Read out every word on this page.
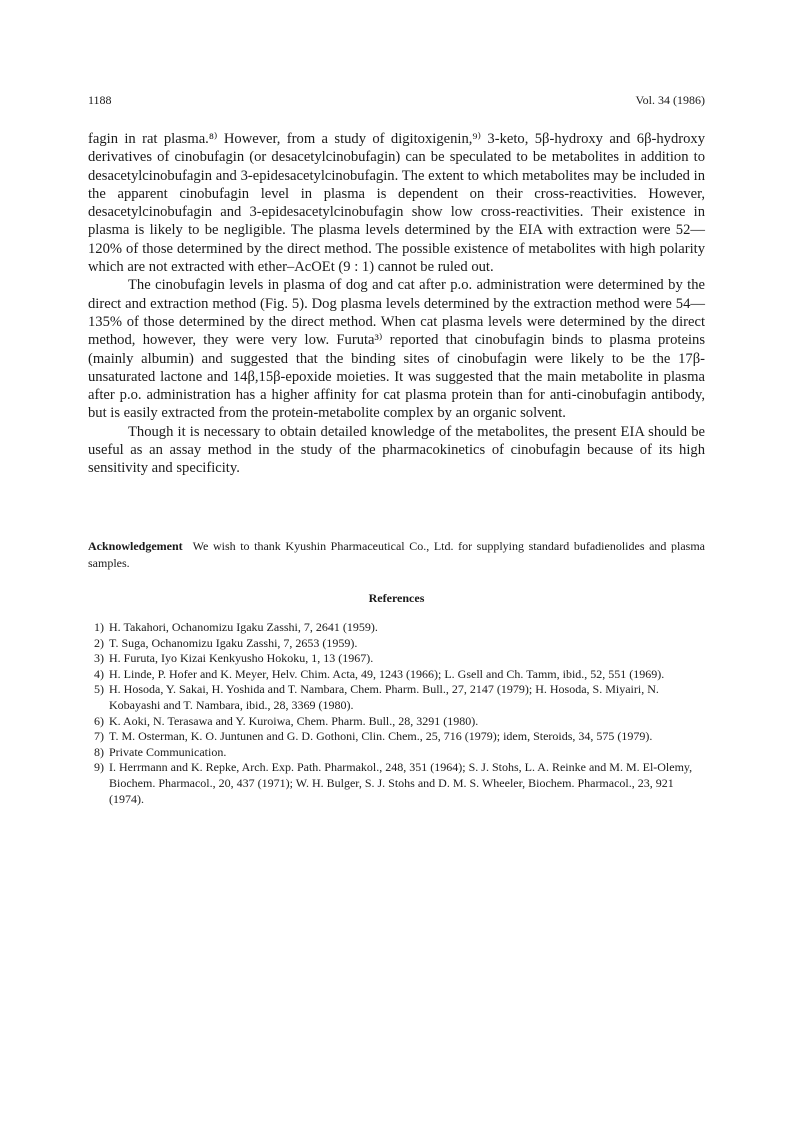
1188	Vol. 34 (1986)

fagin in rat plasma.⁸⁾ However, from a study of digitoxigenin,⁹⁾ 3-keto, 5β-hydroxy and 6β-hydroxy derivatives of cinobufagin (or desacetylcinobufagin) can be speculated to be metabolites in addition to desacetylcinobufagin and 3-epidesacetylcinobufagin. The extent to which metabolites may be included in the apparent cinobufagin level in plasma is dependent on their cross-reactivities. However, desacetylcinobufagin and 3-epidesacetylcinobufagin show low cross-reactivities. Their existence in plasma is likely to be negligible. The plasma levels determined by the EIA with extraction were 52—120% of those determined by the direct method. The possible existence of metabolites with high polarity which are not extracted with ether–AcOEt (9 : 1) cannot be ruled out.

The cinobufagin levels in plasma of dog and cat after p.o. administration were determined by the direct and extraction method (Fig. 5). Dog plasma levels determined by the extraction method were 54—135% of those determined by the direct method. When cat plasma levels were determined by the direct method, however, they were very low. Furuta³⁾ reported that cinobufagin binds to plasma proteins (mainly albumin) and suggested that the binding sites of cinobufagin were likely to be the 17β-unsaturated lactone and 14β,15β-epoxide moieties. It was suggested that the main metabolite in plasma after p.o. administration has a higher affinity for cat plasma protein than for anti-cinobufagin antibody, but is easily extracted from the protein-metabolite complex by an organic solvent.

Though it is necessary to obtain detailed knowledge of the metabolites, the present EIA should be useful as an assay method in the study of the pharmacokinetics of cinobufagin because of its high sensitivity and specificity.

Acknowledgement We wish to thank Kyushin Pharmaceutical Co., Ltd. for supplying standard bufadienolides and plasma samples.
References
1) H. Takahori, Ochanomizu Igaku Zasshi, 7, 2641 (1959).
2) T. Suga, Ochanomizu Igaku Zasshi, 7, 2653 (1959).
3) H. Furuta, Iyo Kizai Kenkyusho Hokoku, 1, 13 (1967).
4) H. Linde, P. Hofer and K. Meyer, Helv. Chim. Acta, 49, 1243 (1966); L. Gsell and Ch. Tamm, ibid., 52, 551 (1969).
5) H. Hosoda, Y. Sakai, H. Yoshida and T. Nambara, Chem. Pharm. Bull., 27, 2147 (1979); H. Hosoda, S. Miyairi, N. Kobayashi and T. Nambara, ibid., 28, 3369 (1980).
6) K. Aoki, N. Terasawa and Y. Kuroiwa, Chem. Pharm. Bull., 28, 3291 (1980).
7) T. M. Osterman, K. O. Juntunen and G. D. Gothoni, Clin. Chem., 25, 716 (1979); idem, Steroids, 34, 575 (1979).
8) Private Communication.
9) I. Herrmann and K. Repke, Arch. Exp. Path. Pharmakol., 248, 351 (1964); S. J. Stohs, L. A. Reinke and M. M. El-Olemy, Biochem. Pharmacol., 20, 437 (1971); W. H. Bulger, S. J. Stohs and D. M. S. Wheeler, Biochem. Pharmacol., 23, 921 (1974).
